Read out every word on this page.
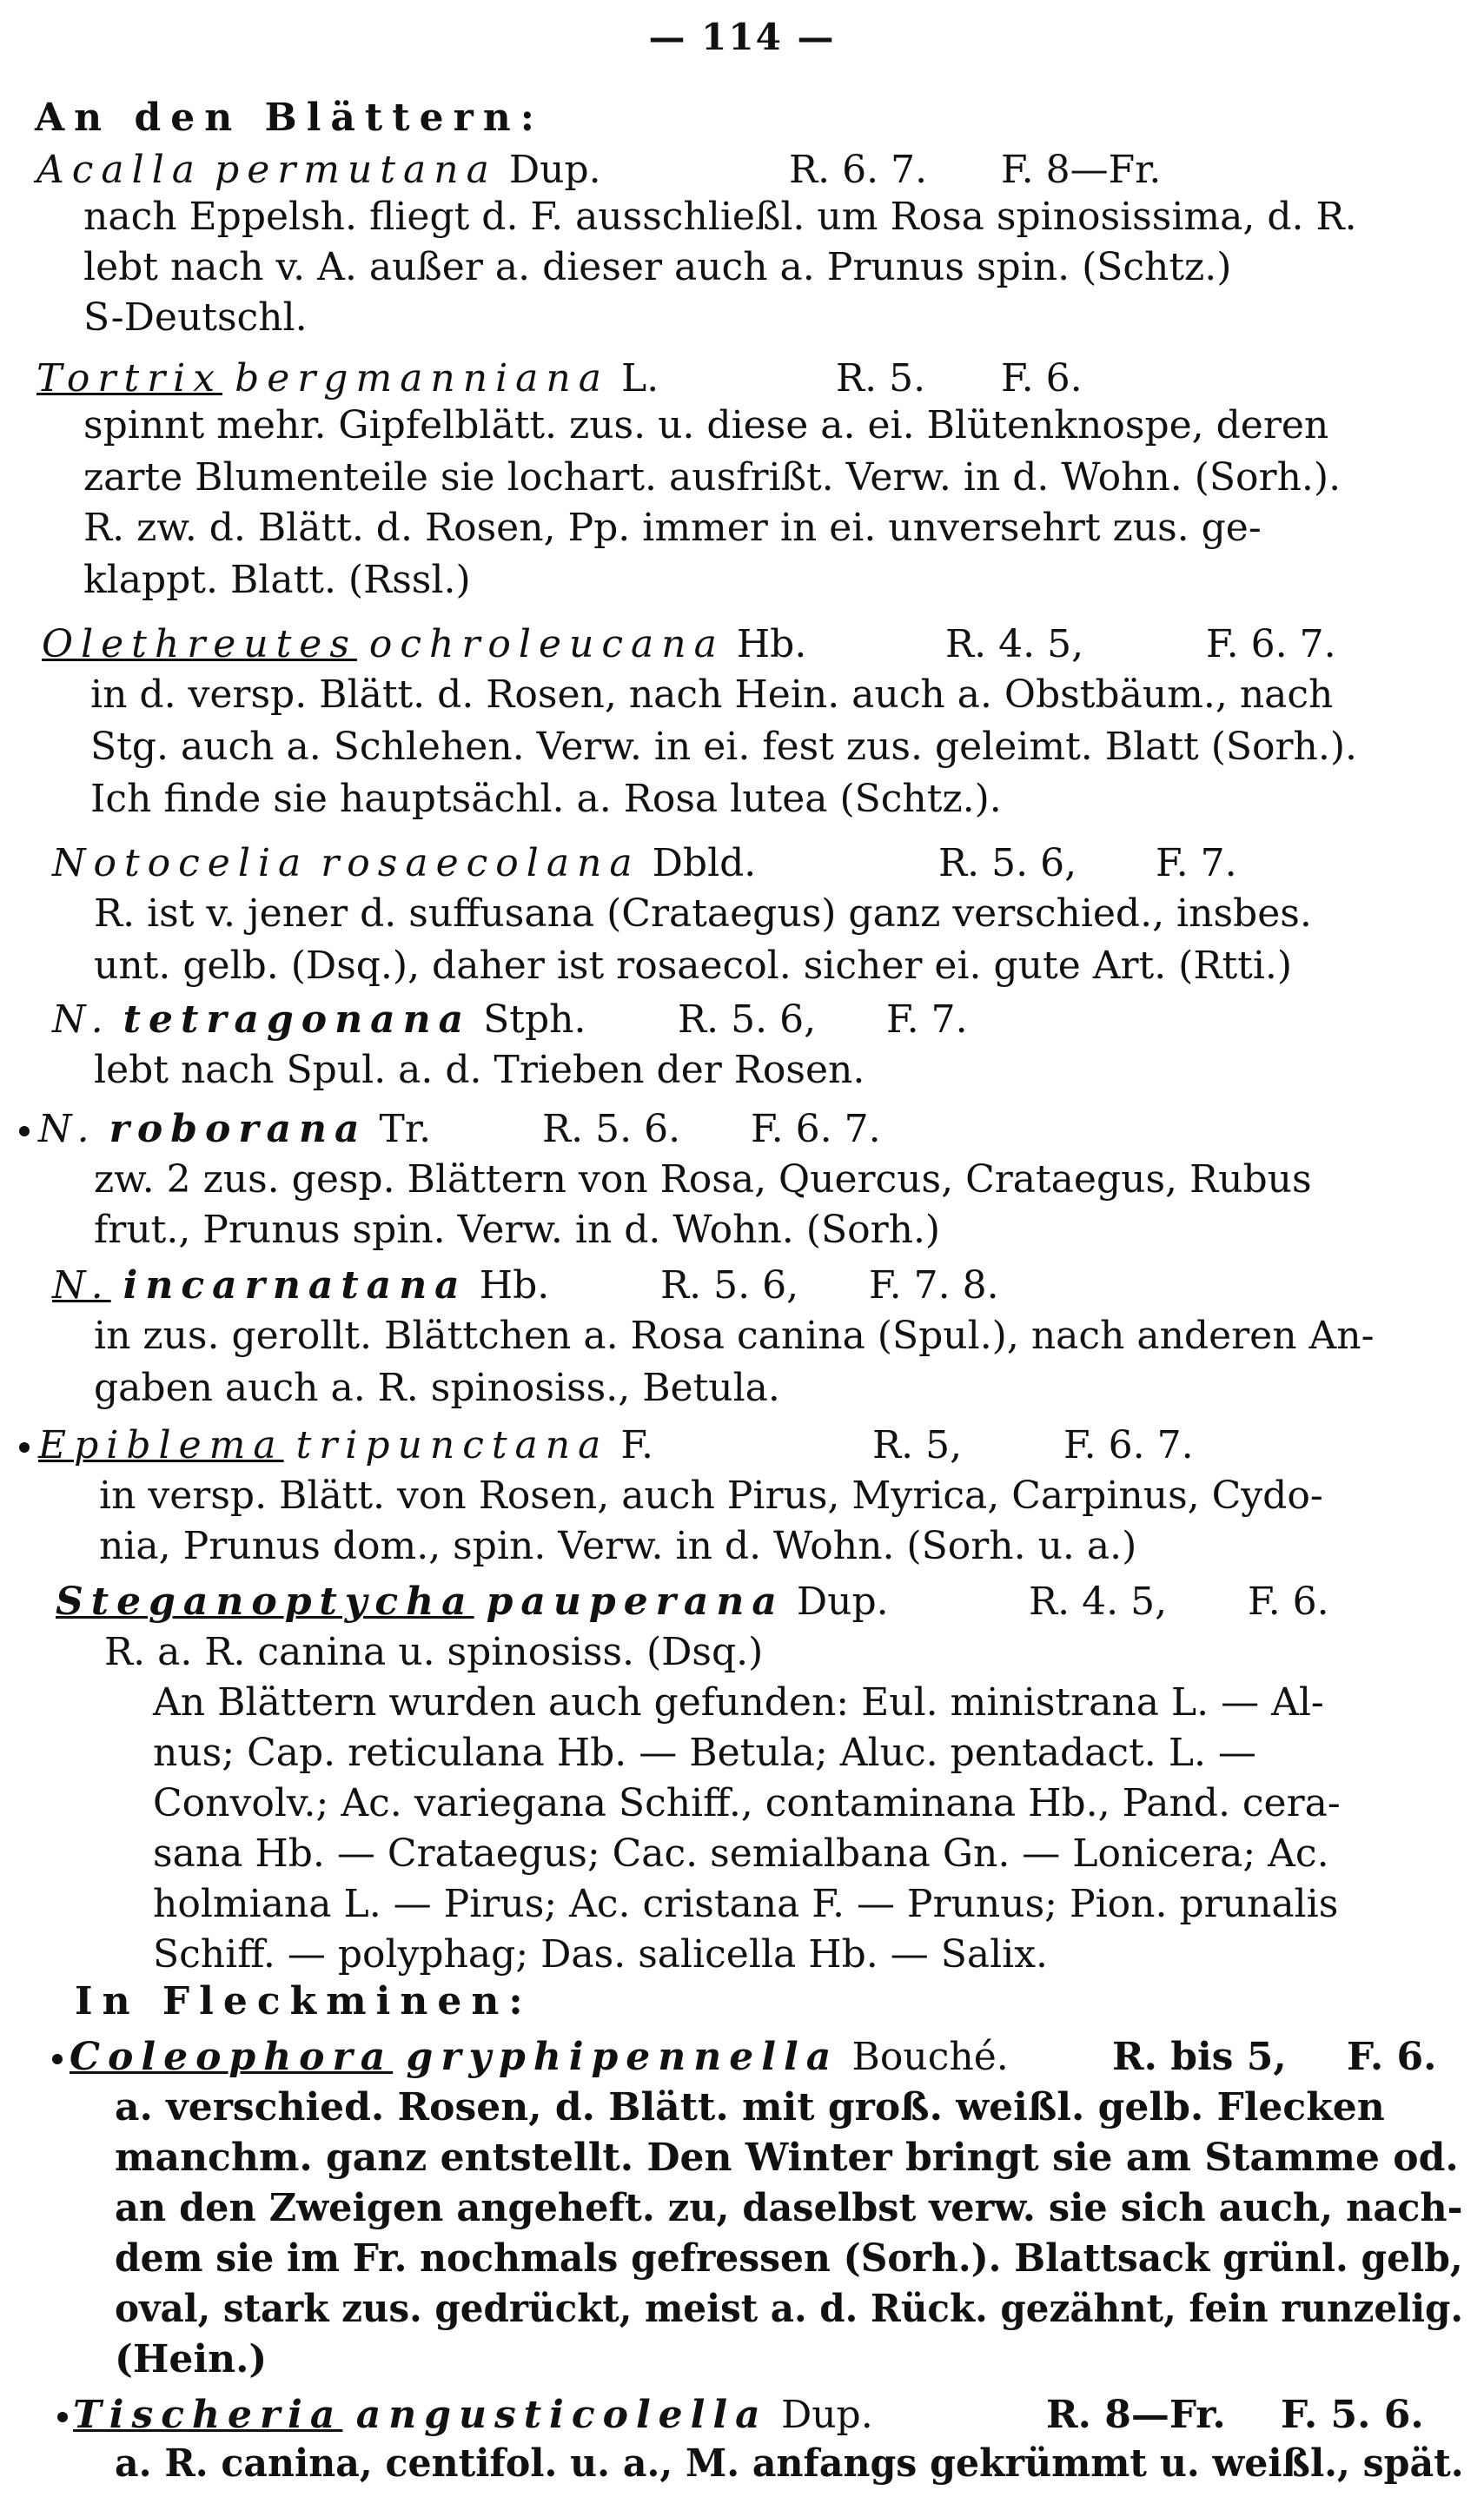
— 114 —
An den Blättern:
Acalla permutana Dup.	R. 6. 7. F. 8—Fr.
nach Eppelsh. fliegt d. F. ausschließl. um Rosa spinosissima, d. R.
lebt nach v. A. außer a. dieser auch a. Prunus spin. (Schtz.)
S-Deutschl.
Tortrix bergmanniana L.	R. 5. F. 6.
spinnt mehr. Gipfelblätt. zus. u. diese a. ei. Blütenknospe, deren
zarte Blumenteile sie lochart. ausfrißt. Verw. in d. Wohn. (Sorh.).
R. zw. d. Blätt. d. Rosen, Pp. immer in ei. unversehrt zus. ge-
klappt. Blatt. (Rssl.)
Olethreutes ochroleucana Hb.	R. 4. 5,	F. 6. 7.
in d. versp. Blätt. d. Rosen, nach Hein. auch a. Obstbäum., nach
Stg. auch a. Schlehen. Verw. in ei. fest zus. geleimt. Blatt (Sorh.).
Ich finde sie hauptsächl. a. Rosa lutea (Schtz.).
Notocelia rosaecolana Dbld.	R. 5. 6, F. 7.
R. ist v. jener d. suffusana (Crataegus) ganz verschied., insbes.
unt. gelb. (Dsq.), daher ist rosaecol. sicher ei. gute Art. (Rtti.)
N. tetragonana Stph. R. 5. 6, F. 7.
lebt nach Spul. a. d. Trieben der Rosen.
N. roborana Tr.	R. 5. 6. F. 6. 7.
zw. 2 zus. gesp. Blättern von Rosa, Quercus, Crataegus, Rubus
frut., Prunus spin. Verw. in d. Wohn. (Sorh.)
N. incarnatana Hb.	R. 5. 6, F. 7. 8.
in zus. gerollt. Blättchen a. Rosa canina (Spul.), nach anderen An-
gaben auch a. R. spinosiss., Betula.
Epiblema tripunctana F.	R. 5,	F. 6. 7.
in versp. Blätt. von Rosen, auch Pirus, Myrica, Carpinus, Cydo-
nia, Prunus dom., spin. Verw. in d. Wohn. (Sorh. u. a.)
Steganoptycha pauperana Dup.	R. 4. 5, F. 6.
R. a. R. canina u. spinosiss. (Dsq.)
An Blättern wurden auch gefunden: Eul. ministrana L. — Al-
nus; Cap. reticulana Hb. — Betula; Aluc. pentadact. L. —
Convolv.; Ac. variegana Schiff., contaminana Hb., Pand. cera-
sana Hb. — Crataegus; Cac. semialbana Gn. — Lonicera; Ac.
holmiana L. — Pirus; Ac. cristana F. — Prunus; Pion. prunalis
Schiff. — polyphag; Das. salicella Hb. — Salix.
In Fleckminen:
Coleophora gryphipennella Bouché.	R. bis 5, F. 6.
a. verschied. Rosen, d. Blätt. mit groß. weißl. gelb. Flecken
manchm. ganz entstellt. Den Winter bringt sie am Stamme od.
an den Zweigen angeheft. zu, daselbst verw. sie sich auch, nach-
dem sie im Fr. nochmals gefressen (Sorh.). Blattsack grünl. gelb,
oval, stark zus. gedrückt, meist a. d. Rück. gezähnt, fein runzelig.
(Hein.)
Tischeria angusticolella Dup.	R. 8—Fr. F. 5. 6.
a. R. canina, centifol. u. a., M. anfangs gekrümmt u. weißl., spät.
